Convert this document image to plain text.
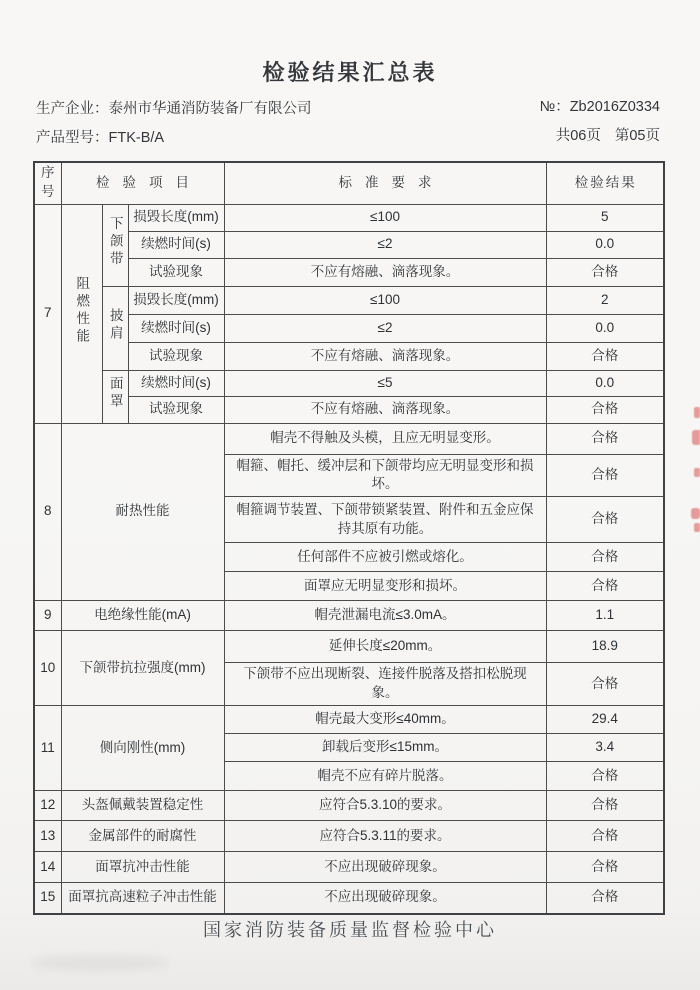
检验结果汇总表
生产企业：泰州市华通消防装备厂有限公司	№：Zb2016Z0334
产品型号：FTK-B/A	共06页 第05页
序号	检验项目			标准要求	检验结果
7	阻燃性能	下颌带	损毁长度(mm)	≤100	5
			续燃时间(s)	≤2	0.0
			试验现象	不应有熔融、滴落现象。	合格
		披肩	损毁长度(mm)	≤100	2
			续燃时间(s)	≤2	0.0
			试验现象	不应有熔融、滴落现象。	合格
		面罩	续燃时间(s)	≤5	0.0
			试验现象	不应有熔融、滴落现象。	合格
8	耐热性能			帽壳不得触及头模，且应无明显变形。	合格
				帽箍、帽托、缓冲层和下颌带均应无明显变形和损坏。	合格
				帽箍调节装置、下颌带锁紧装置、附件和五金应保持其原有功能。	合格
				任何部件不应被引燃或熔化。	合格
				面罩应无明显变形和损坏。	合格
9	电绝缘性能(mA)			帽壳泄漏电流≤3.0mA。	1.1
10	下颌带抗拉强度(mm)			延伸长度≤20mm。	18.9
				下颌带不应出现断裂、连接件脱落及搭扣松脱现象。	合格
11	侧向刚性(mm)			帽壳最大变形≤40mm。	29.4
				卸载后变形≤15mm。	3.4
				帽壳不应有碎片脱落。	合格
12	头盔佩戴装置稳定性			应符合5.3.10的要求。	合格
13	金属部件的耐腐性			应符合5.3.11的要求。	合格
14	面罩抗冲击性能			不应出现破碎现象。	合格
15	面罩抗高速粒子冲击性能			不应出现破碎现象。	合格
国家消防装备质量监督检验中心
